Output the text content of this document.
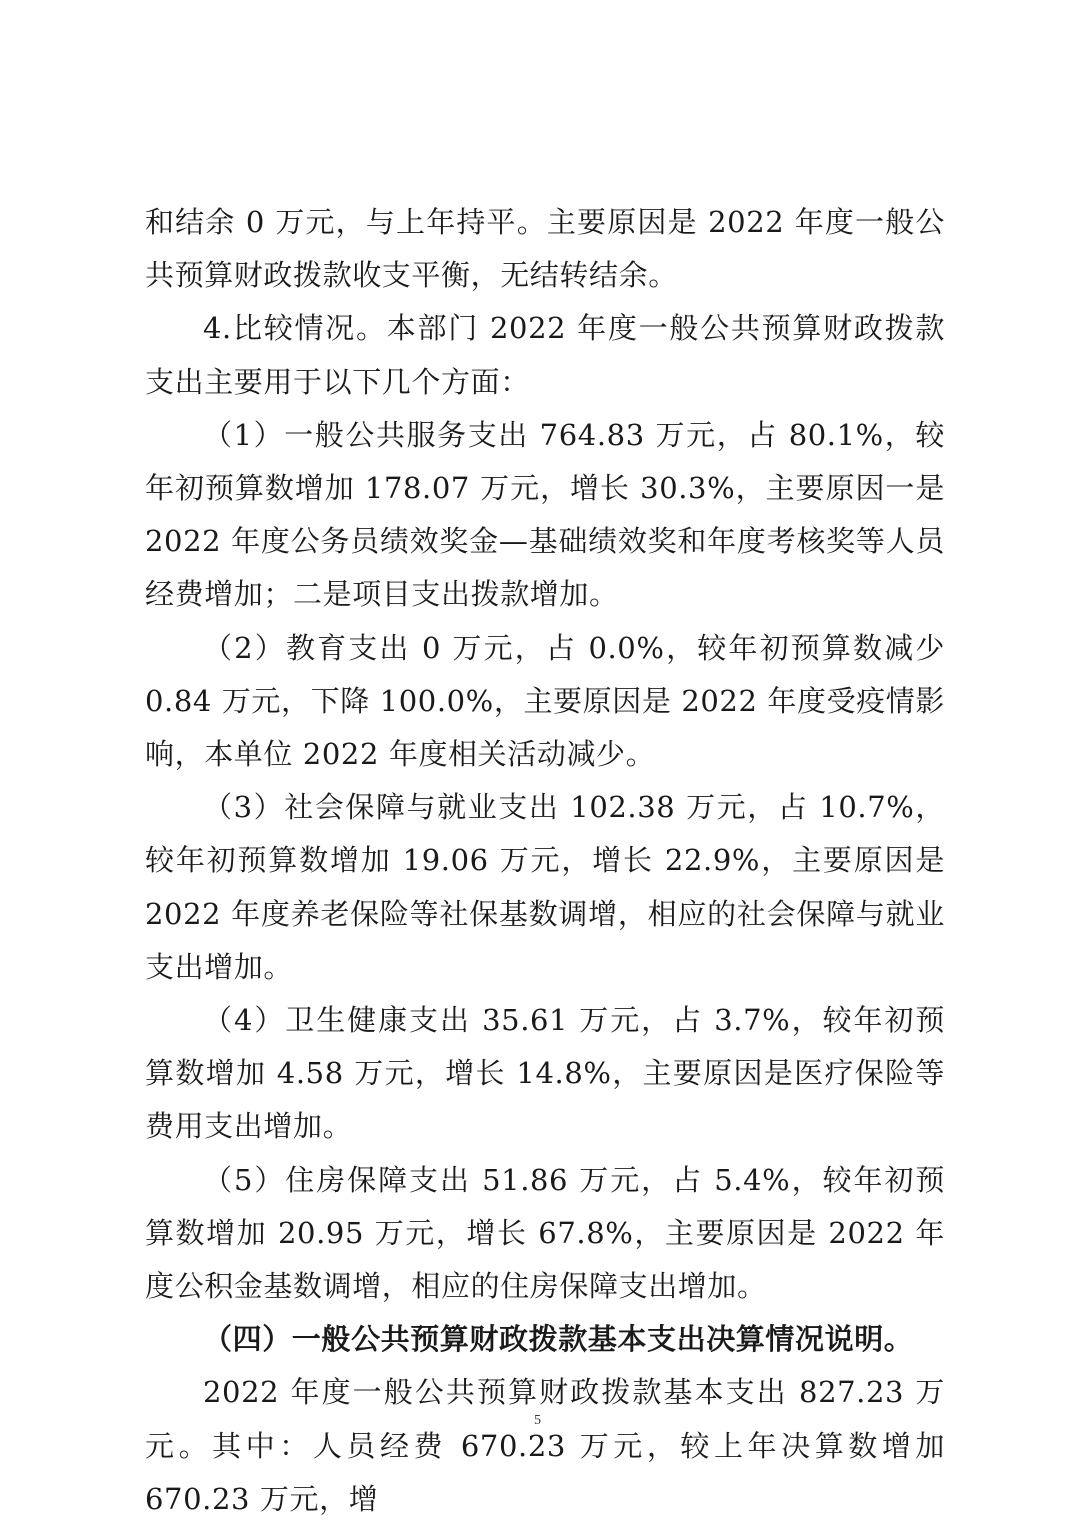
和结余 0 万元，与上年持平。主要原因是 2022 年度一般公共预算财政拨款收支平衡，无结转结余。

4.比较情况。本部门 2022 年度一般公共预算财政拨款支出主要用于以下几个方面：

（1）一般公共服务支出 764.83 万元，占 80.1%，较年初预算数增加 178.07 万元，增长 30.3%，主要原因一是 2022 年度公务员绩效奖金—基础绩效奖和年度考核奖等人员经费增加；二是项目支出拨款增加。

（2）教育支出 0 万元，占 0.0%，较年初预算数减少 0.84 万元，下降 100.0%，主要原因是 2022 年度受疫情影响，本单位 2022 年度相关活动减少。

（3）社会保障与就业支出 102.38 万元，占 10.7%，较年初预算数增加 19.06 万元，增长 22.9%，主要原因是 2022 年度养老保险等社保基数调增，相应的社会保障与就业支出增加。

（4）卫生健康支出 35.61 万元，占 3.7%，较年初预算数增加 4.58 万元，增长 14.8%，主要原因是医疗保险等费用支出增加。

（5）住房保障支出 51.86 万元，占 5.4%，较年初预算数增加 20.95 万元，增长 67.8%，主要原因是 2022 年度公积金基数调增，相应的住房保障支出增加。

（四）一般公共预算财政拨款基本支出决算情况说明。

2022 年度一般公共预算财政拨款基本支出 827.23 万元。其中：人员经费 670.23 万元，较上年决算数增加 670.23 万元，增

5
